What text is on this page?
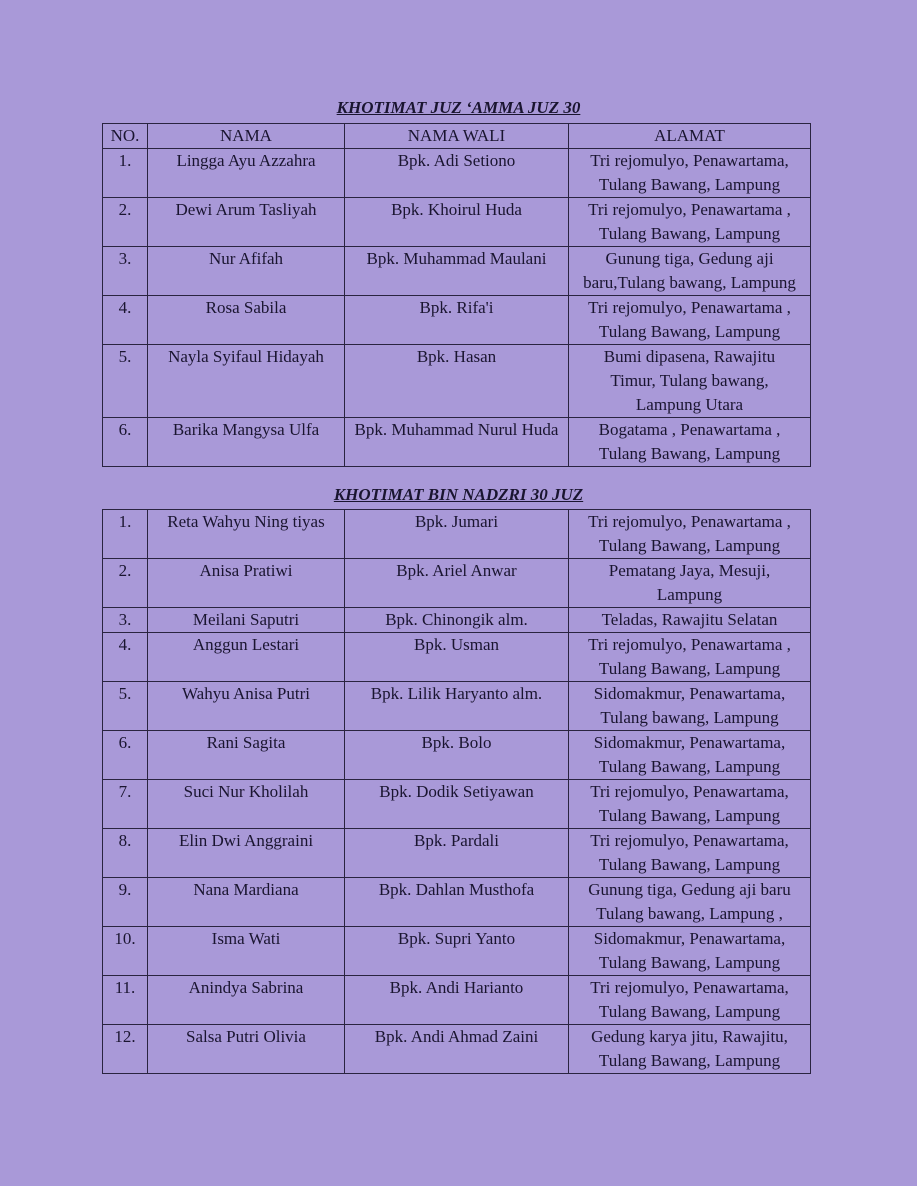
KHOTIMAT JUZ ‘AMMA JUZ 30
NO.	NAMA	NAMA WALI	ALAMAT
1.	Lingga Ayu Azzahra	Bpk. Adi Setiono	Tri rejomulyo, Penawartama,
Tulang Bawang, Lampung

2.	Dewi Arum Tasliyah	Bpk. Khoirul Huda	Tri rejomulyo, Penawartama ,
Tulang Bawang, Lampung

3.	Nur Afifah	Bpk. Muhammad Maulani	Gunung tiga, Gedung aji
baru,Tulang bawang, Lampung

4.	Rosa Sabila	Bpk. Rifa'i	Tri rejomulyo, Penawartama ,
Tulang Bawang, Lampung

5.	Nayla Syifaul Hidayah	Bpk. Hasan	Bumi dipasena, Rawajitu
Timur, Tulang bawang,
Lampung Utara

6.	Barika Mangysa Ulfa	Bpk. Muhammad Nurul Huda	Bogatama , Penawartama ,
Tulang Bawang, Lampung
KHOTIMAT BIN NADZRI 30 JUZ
1.	Reta Wahyu Ning tiyas	Bpk. Jumari	Tri rejomulyo, Penawartama ,
Tulang Bawang, Lampung

2.	Anisa Pratiwi	Bpk. Ariel Anwar	Pematang Jaya, Mesuji,
Lampung

3.	Meilani Saputri	Bpk. Chinongik alm.	Teladas, Rawajitu Selatan

4.	Anggun Lestari	Bpk. Usman	Tri rejomulyo, Penawartama ,
Tulang Bawang, Lampung

5.	Wahyu Anisa Putri	Bpk. Lilik Haryanto alm.	Sidomakmur, Penawartama,
Tulang bawang, Lampung

6.	Rani Sagita	Bpk. Bolo	Sidomakmur, Penawartama,
Tulang Bawang, Lampung

7.	Suci Nur Kholilah	Bpk. Dodik Setiyawan	Tri rejomulyo, Penawartama,
Tulang Bawang, Lampung

8.	Elin Dwi Anggraini	Bpk. Pardali	Tri rejomulyo, Penawartama,
Tulang Bawang, Lampung

9.	Nana Mardiana	Bpk. Dahlan Musthofa	Gunung tiga, Gedung aji baru
Tulang bawang, Lampung ,

10.	Isma Wati	Bpk. Supri Yanto	Sidomakmur, Penawartama,
Tulang Bawang, Lampung

11.	Anindya Sabrina	Bpk. Andi Harianto	Tri rejomulyo, Penawartama,
Tulang Bawang, Lampung

12.	Salsa Putri Olivia	Bpk. Andi Ahmad Zaini	Gedung karya jitu, Rawajitu,
Tulang Bawang, Lampung
